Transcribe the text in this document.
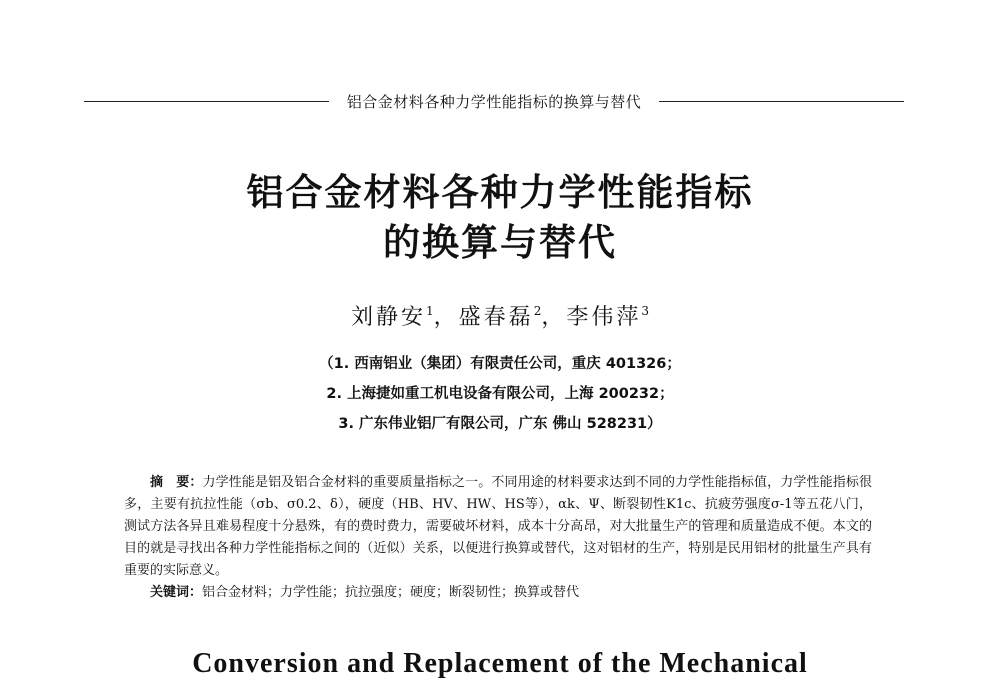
铝合金材料各种力学性能指标的换算与替代
铝合金材料各种力学性能指标
的换算与替代
刘静安$^1$，盛春磊$^2$，李伟萍$^3$
（1. 西南铝业（集团）有限责任公司，重庆 401326；
2. 上海捷如重工机电设备有限公司，上海 200232；
3. 广东伟业铝厂有限公司，广东 佛山 528231）

摘　要：力学性能是铝及铝合金材料的重要质量指标之一。不同用途的材料要求达到不同的力学性能指标值，力学性能指标很多，主要有抗拉性能（σb、σ0.2、δ），硬度（HB、HV、HW、HS等），αk、Ψ、断裂韧性K1c、抗疲劳强度σ-1等五花八门，测试方法各异且难易程度十分悬殊，有的费时费力，需要破坏材料，成本十分高昂，对大批量生产的管理和质量造成不便。本文的目的就是寻找出各种力学性能指标之间的（近似）关系，以便进行换算或替代，这对铝材的生产，特别是民用铝材的批量生产具有重要的实际意义。

关键词：铝合金材料；力学性能；抗拉强度；硬度；断裂韧性；换算或替代

Conversion and Replacement of the Mechanical
